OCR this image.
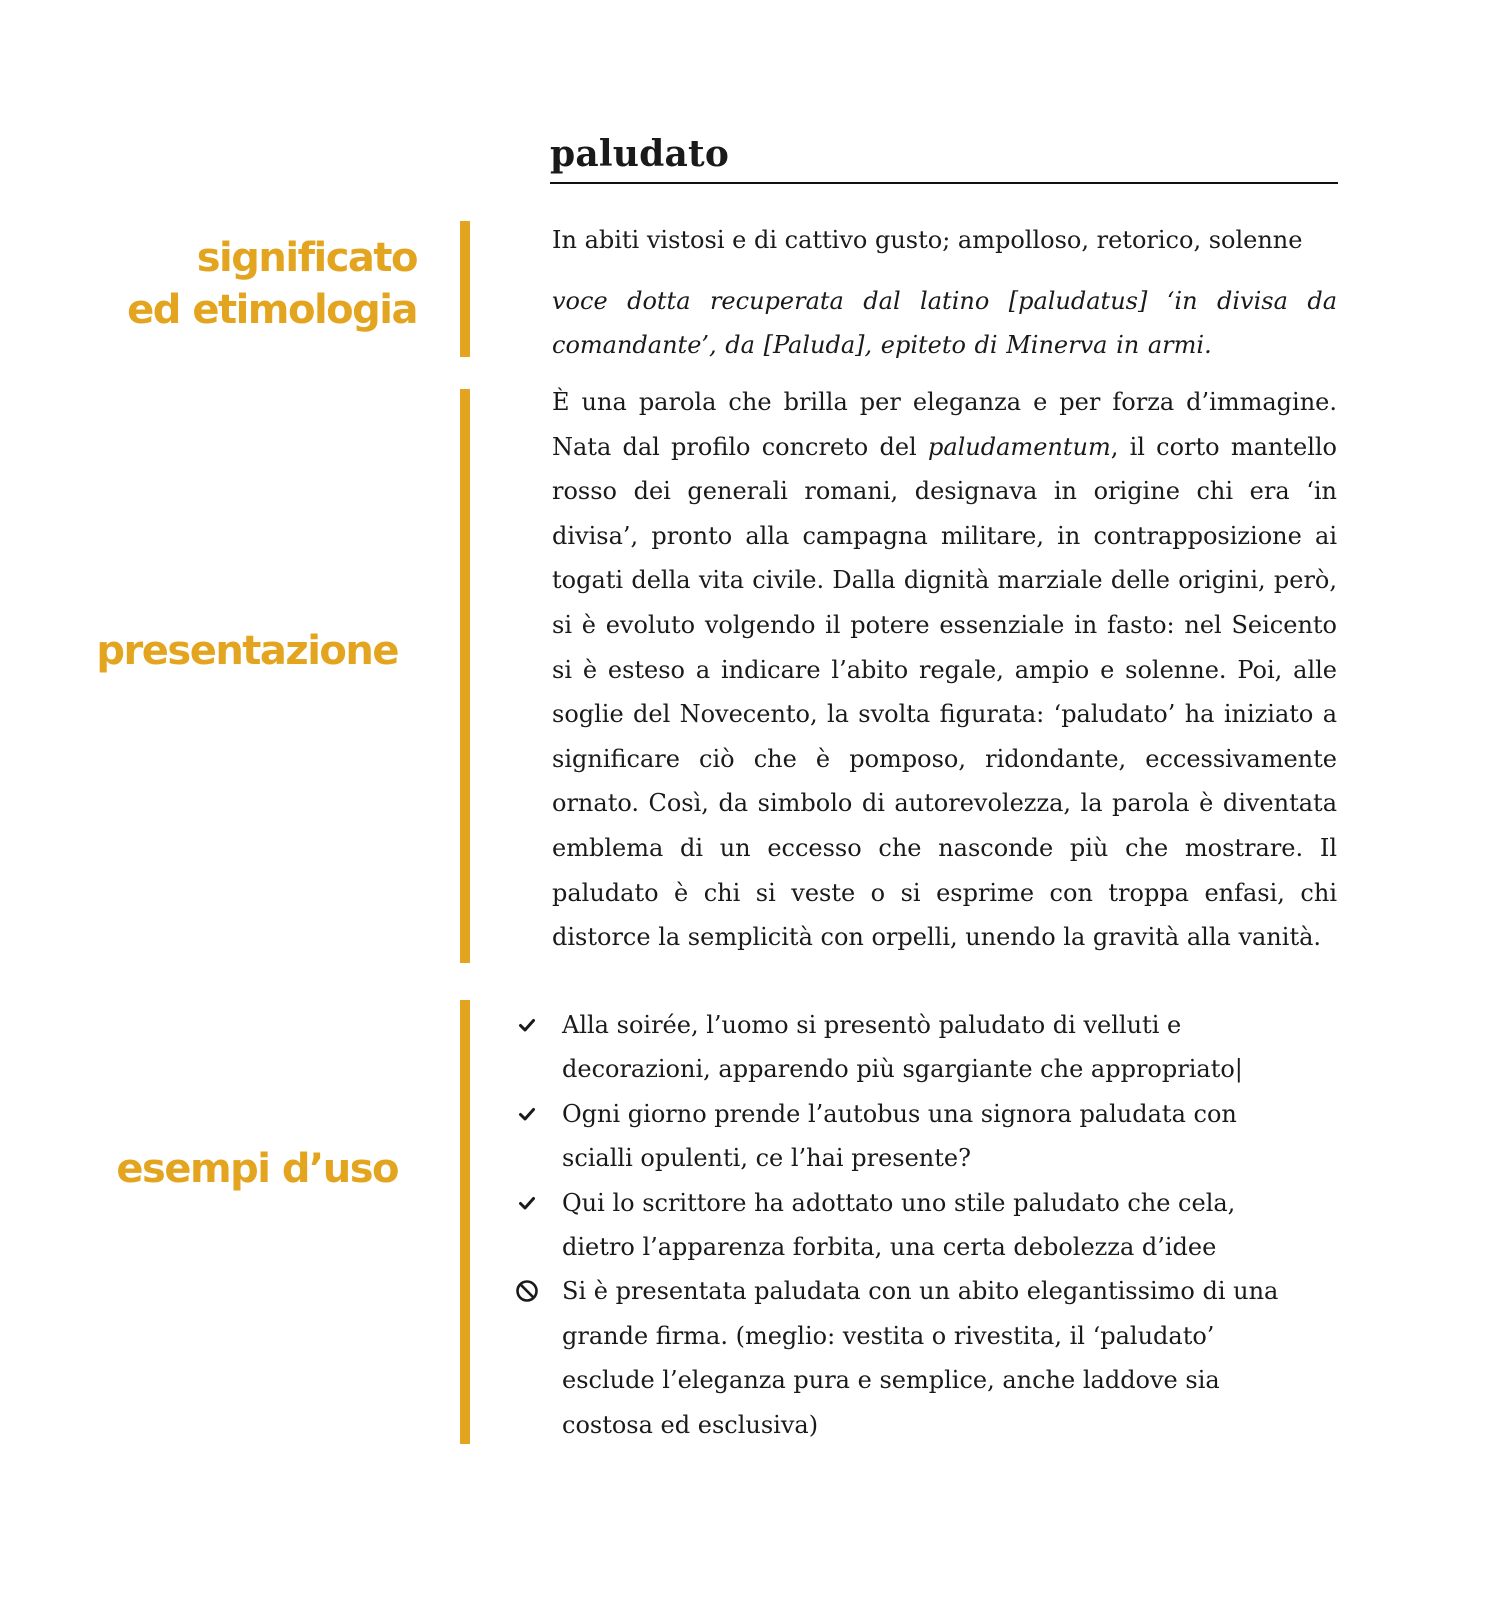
paludato
significato
ed etimologia
In abiti vistosi e di cattivo gusto; ampolloso, retorico, solenne
voce dotta recuperata dal latino [paludatus] ‘in divisa da comandante’, da [Paluda], epiteto di Minerva in armi.
presentazione
È una parola che brilla per eleganza e per forza d’immagine. Nata dal profilo concreto del paludamentum, il corto mantello rosso dei generali romani, designava in origine chi era ‘in divisa’, pronto alla campagna militare, in contrapposizione ai togati della vita civile. Dalla dignità marziale delle origini, però, si è evoluto volgendo il potere essenziale in fasto: nel Seicento si è esteso a indicare l’abito regale, ampio e solenne. Poi, alle soglie del Novecento, la svolta figurata: ‘paludato’ ha iniziato a significare ciò che è pomposo, ridondante, eccessivamente ornato. Così, da simbolo di autorevolezza, la parola è diventata emblema di un eccesso che nasconde più che mostrare. Il paludato è chi si veste o si esprime con troppa enfasi, chi distorce la semplicità con orpelli, unendo la gravità alla vanità.
esempi d’uso
Alla soirée, l’uomo si presentò paludato di velluti e decorazioni, apparendo più sgargiante che appropriato|
Ogni giorno prende l’autobus una signora paludata con scialli opulenti, ce l’hai presente?
Qui lo scrittore ha adottato uno stile paludato che cela, dietro l’apparenza forbita, una certa debolezza d’idee
Si è presentata paludata con un abito elegantissimo di una grande firma. (meglio: vestita o rivestita, il ‘paludato’ esclude l’eleganza pura e semplice, anche laddove sia costosa ed esclusiva)
